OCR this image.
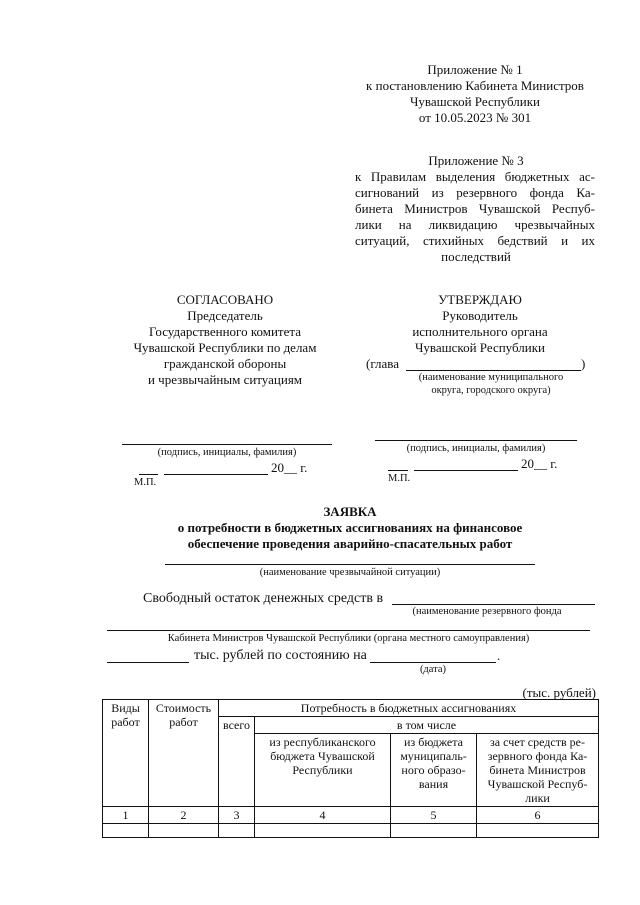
Приложение № 1
к постановлению Кабинета Министров
Чувашской Республики
от 10.05.2023 № 301
Приложение № 3
к Правилам выделения бюджетных ас-
сигнований из резервного фонда Ка-
бинета Министров Чувашской Респуб-
лики на ликвидацию чрезвычайных
ситуаций, стихийных бедствий и их
последствий
СОГЛАСОВАНО
Председатель
Государственного комитета
Чувашской Республики по делам
гражданской обороны
и чрезвычайным ситуациям
УТВЕРЖДАЮ
Руководитель
исполнительного органа
Чувашской Республики
(глава	)
(наименование муниципального
округа, городского округа)
(подпись, инициалы, фамилия)
20__ г.
М.П.
(подпись, инициалы, фамилия)
20__ г.
М.П.
ЗАЯВКА
о потребности в бюджетных ассигнованиях на финансовое
обеспечение проведения аварийно-спасательных работ
(наименование чрезвычайной ситуации)
Свободный остаток денежных средств в
(наименование резервного фонда
Кабинета Министров Чувашской Республики (органа местного самоуправления)
тыс. рублей по состоянию на	.
(дата)
(тыс. рублей)
Виды работ	Стоимость работ	Потребность в бюджетных ассигнованиях			
		всего	в том числе		
			из республиканского бюджета Чувашской Республики	из бюджета муниципаль-ного образо-вания	за счет средств ре-зервного фонда Ка-бинета Министров Чувашской Респуб-лики
1	2	3	4	5	6
